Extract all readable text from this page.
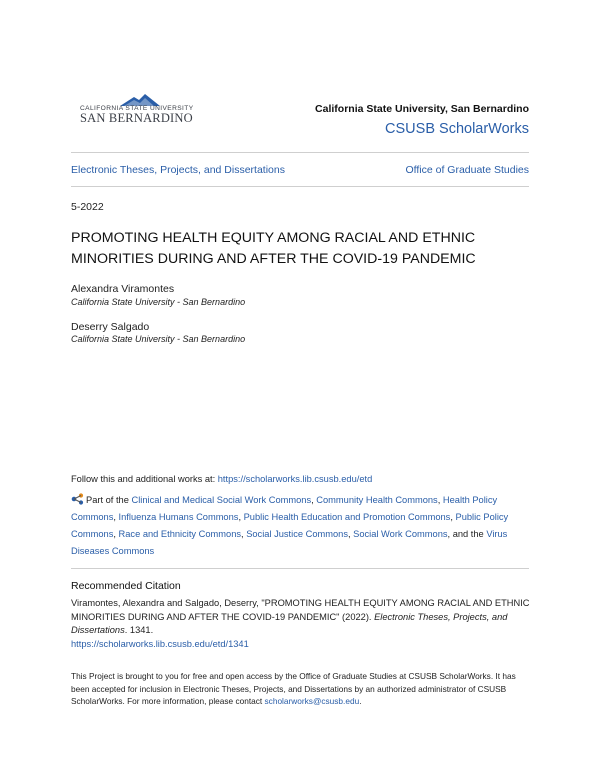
CALIFORNIA STATE UNIVERSITY
SAN BERNARDINO
California State University, San Bernardino
CSUSB ScholarWorks
Electronic Theses, Projects, and Dissertations	Office of Graduate Studies
5-2022
PROMOTING HEALTH EQUITY AMONG RACIAL AND ETHNIC MINORITIES DURING AND AFTER THE COVID-19 PANDEMIC
Alexandra Viramontes
California State University - San Bernardino
Deserry Salgado
California State University - San Bernardino
Follow this and additional works at: https://scholarworks.lib.csusb.edu/etd
Part of the Clinical and Medical Social Work Commons, Community Health Commons, Health Policy Commons, Influenza Humans Commons, Public Health Education and Promotion Commons, Public Policy Commons, Race and Ethnicity Commons, Social Justice Commons, Social Work Commons, and the Virus Diseases Commons
Recommended Citation
Viramontes, Alexandra and Salgado, Deserry, "PROMOTING HEALTH EQUITY AMONG RACIAL AND ETHNIC MINORITIES DURING AND AFTER THE COVID-19 PANDEMIC" (2022). Electronic Theses, Projects, and Dissertations. 1341.
https://scholarworks.lib.csusb.edu/etd/1341
This Project is brought to you for free and open access by the Office of Graduate Studies at CSUSB ScholarWorks. It has been accepted for inclusion in Electronic Theses, Projects, and Dissertations by an authorized administrator of CSUSB ScholarWorks. For more information, please contact scholarworks@csusb.edu.
